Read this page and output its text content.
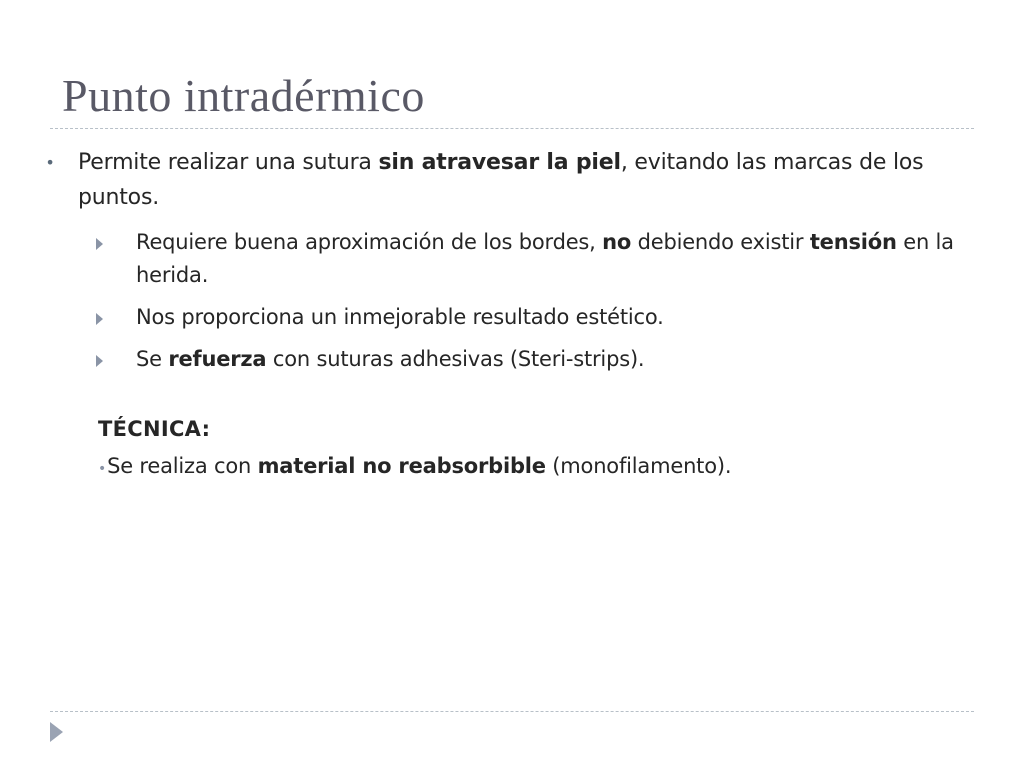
Punto intradérmico
• Permite realizar una sutura sin atravesar la piel, evitando las marcas de los puntos.
Requiere buena aproximación de los bordes, no debiendo existir tensión en la herida.
Nos proporciona un inmejorable resultado estético.
Se refuerza con suturas adhesivas (Steri-strips).
TÉCNICA:
•Se realiza con material no reabsorbible (monofilamento).
